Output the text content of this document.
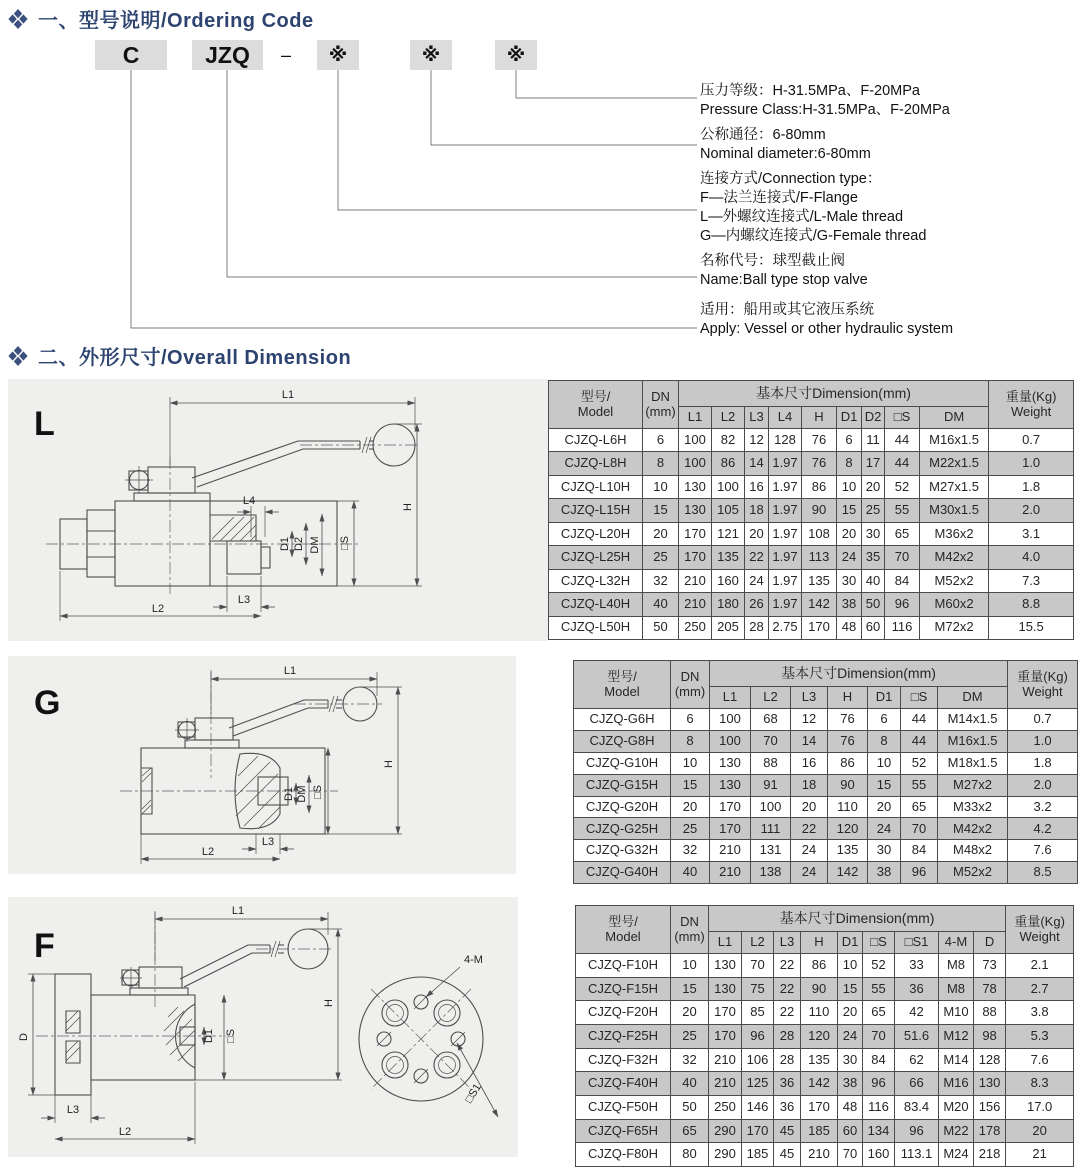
一、型号说明/Ordering Code
C	JZQ	–	※	※	※
压力等级：H-31.5MPa、F-20MPa
Pressure Class:H-31.5MPa、F-20MPa
公称通径：6-80mm
Nominal diameter:6-80mm
连接方式/Connection type：
F—法兰连接式/F-Flange
L—外螺纹连接式/L-Male thread
G—内螺纹连接式/G-Female thread
名称代号：球型截止阀
Name:Ball type stop valve
适用：船用或其它液压系统
Apply: Vessel or other hydraulic system
二、外形尺寸/Overall Dimension
L
L1
H
L4
D1 D2 DM □S
L3
L2
G
L1
H
D1 DM □S
L3
L2
F
L1
H
D	D1 □S
L3
L2
4-M
□S1
型号/
Model	DN
(mm)	基本尺寸Dimension(mm)									重量(Kg)
Weight
		L1	L2	L3	L4	H	D1	D2	□S	DM	
CJZQ-L6H	6	100	82	12	128	76	6	11	44	M16x1.5	0.7
CJZQ-L8H	8	100	86	14	1.97	76	8	17	44	M22x1.5	1.0
CJZQ-L10H	10	130	100	16	1.97	86	10	20	52	M27x1.5	1.8
CJZQ-L15H	15	130	105	18	1.97	90	15	25	55	M30x1.5	2.0
CJZQ-L20H	20	170	121	20	1.97	108	20	30	65	M36x2	3.1
CJZQ-L25H	25	170	135	22	1.97	113	24	35	70	M42x2	4.0
CJZQ-L32H	32	210	160	24	1.97	135	30	40	84	M52x2	7.3
CJZQ-L40H	40	210	180	26	1.97	142	38	50	96	M60x2	8.8
CJZQ-L50H	50	250	205	28	2.75	170	48	60	116	M72x2	15.5
型号/
Model	DN
(mm)	基本尺寸Dimension(mm)							重量(Kg)
Weight
		L1	L2	L3	H	D1	□S	DM	
CJZQ-G6H	6	100	68	12	76	6	44	M14x1.5	0.7
CJZQ-G8H	8	100	70	14	76	8	44	M16x1.5	1.0
CJZQ-G10H	10	130	88	16	86	10	52	M18x1.5	1.8
CJZQ-G15H	15	130	91	18	90	15	55	M27x2	2.0
CJZQ-G20H	20	170	100	20	110	20	65	M33x2	3.2
CJZQ-G25H	25	170	111	22	120	24	70	M42x2	4.2
CJZQ-G32H	32	210	131	24	135	30	84	M48x2	7.6
CJZQ-G40H	40	210	138	24	142	38	96	M52x2	8.5
型号/
Model	DN
(mm)	基本尺寸Dimension(mm)									重量(Kg)
Weight
		L1	L2	L3	H	D1	□S	□S1	4-M	D	
CJZQ-F10H	10	130	70	22	86	10	52	33	M8	73	2.1
CJZQ-F15H	15	130	75	22	90	15	55	36	M8	78	2.7
CJZQ-F20H	20	170	85	22	110	20	65	42	M10	88	3.8
CJZQ-F25H	25	170	96	28	120	24	70	51.6	M12	98	5.3
CJZQ-F32H	32	210	106	28	135	30	84	62	M14	128	7.6
CJZQ-F40H	40	210	125	36	142	38	96	66	M16	130	8.3
CJZQ-F50H	50	250	146	36	170	48	116	83.4	M20	156	17.0
CJZQ-F65H	65	290	170	45	185	60	134	96	M22	178	20
CJZQ-F80H	80	290	185	45	210	70	160	113.1	M24	218	21
